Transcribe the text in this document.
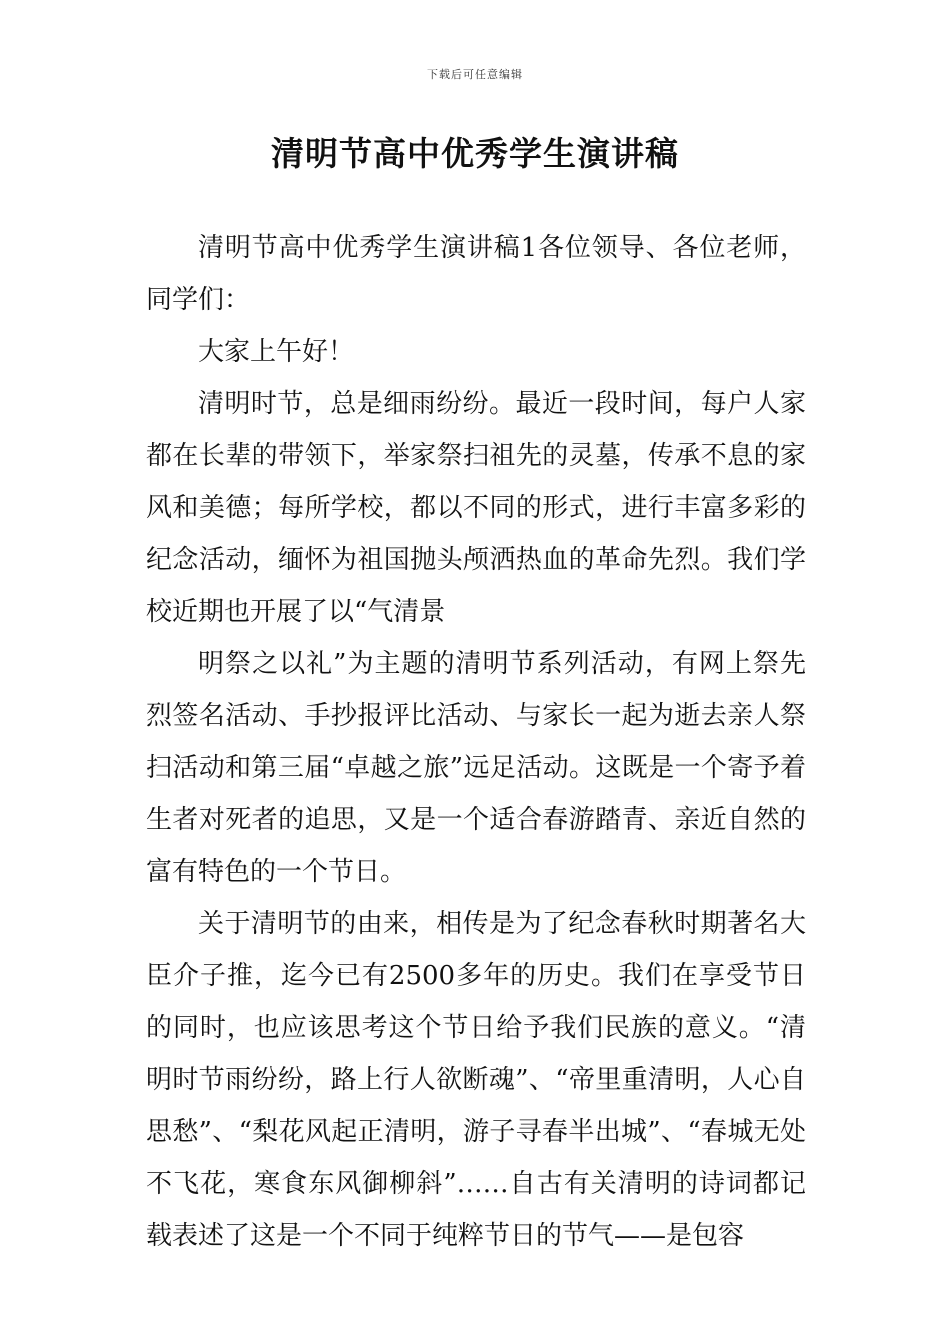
下载后可任意编辑
清明节高中优秀学生演讲稿

清明节高中优秀学生演讲稿1各位领导、各位老师，同学们：

大家上午好！

清明时节，总是细雨纷纷。最近一段时间，每户人家都在长辈的带领下，举家祭扫祖先的灵墓，传承不息的家风和美德；每所学校，都以不同的形式，进行丰富多彩的纪念活动，缅怀为祖国抛头颅洒热血的革命先烈。我们学校近期也开展了以“气清景

明祭之以礼”为主题的清明节系列活动，有网上祭先烈签名活动、手抄报评比活动、与家长一起为逝去亲人祭扫活动和第三届“卓越之旅”远足活动。这既是一个寄予着生者对死者的追思，又是一个适合春游踏青、亲近自然的富有特色的一个节日。

关于清明节的由来，相传是为了纪念春秋时期著名大臣介子推，迄今已有2500多年的历史。我们在享受节日的同时，也应该思考这个节日给予我们民族的意义。“清明时节雨纷纷，路上行人欲断魂”、“帝里重清明，人心自思愁”、“梨花风起正清明，游子寻春半出城”、“春城无处不飞花，寒食东风御柳斜”……自古有关清明的诗词都记载表述了这是一个不同于纯粹节日的节气——是包容
